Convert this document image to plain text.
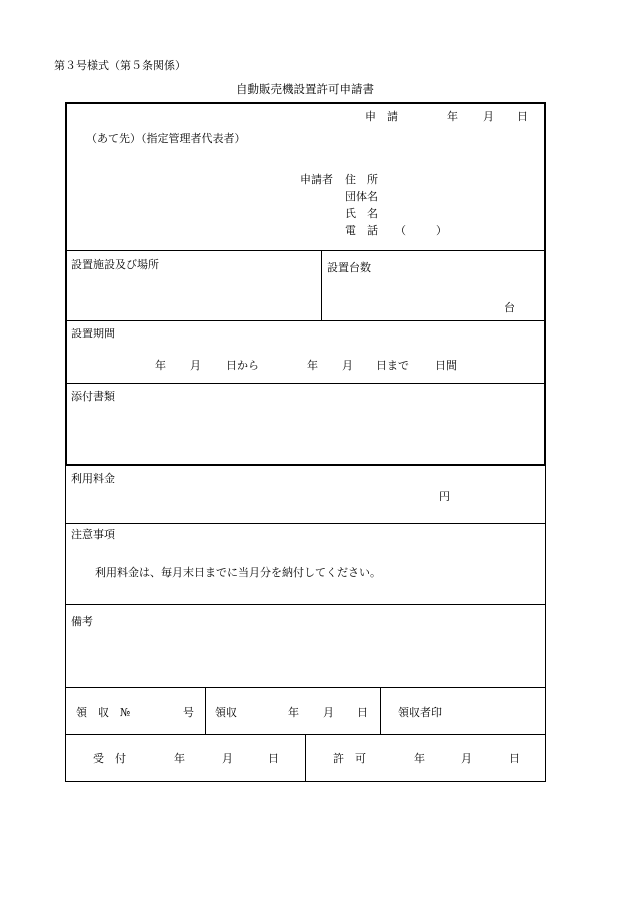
第３号様式（第５条関係）
自動販売機設置許可申請書
申　請	年 月 日
（あて先）（指定管理者代表者）
申請者 住　所
団体名
氏　名
電　話 （	）
設置施設及び場所	設置台数
台
設置期間
年 月 日から	年 月 日まで 日間
添付書類
利用料金
円
注意事項
利用料金は、毎月末日までに当月分を納付してください。
備考
領　収　№	号 領収	年 月 日	領収者印
受　付	年	月	日	許　可	年	月	日
